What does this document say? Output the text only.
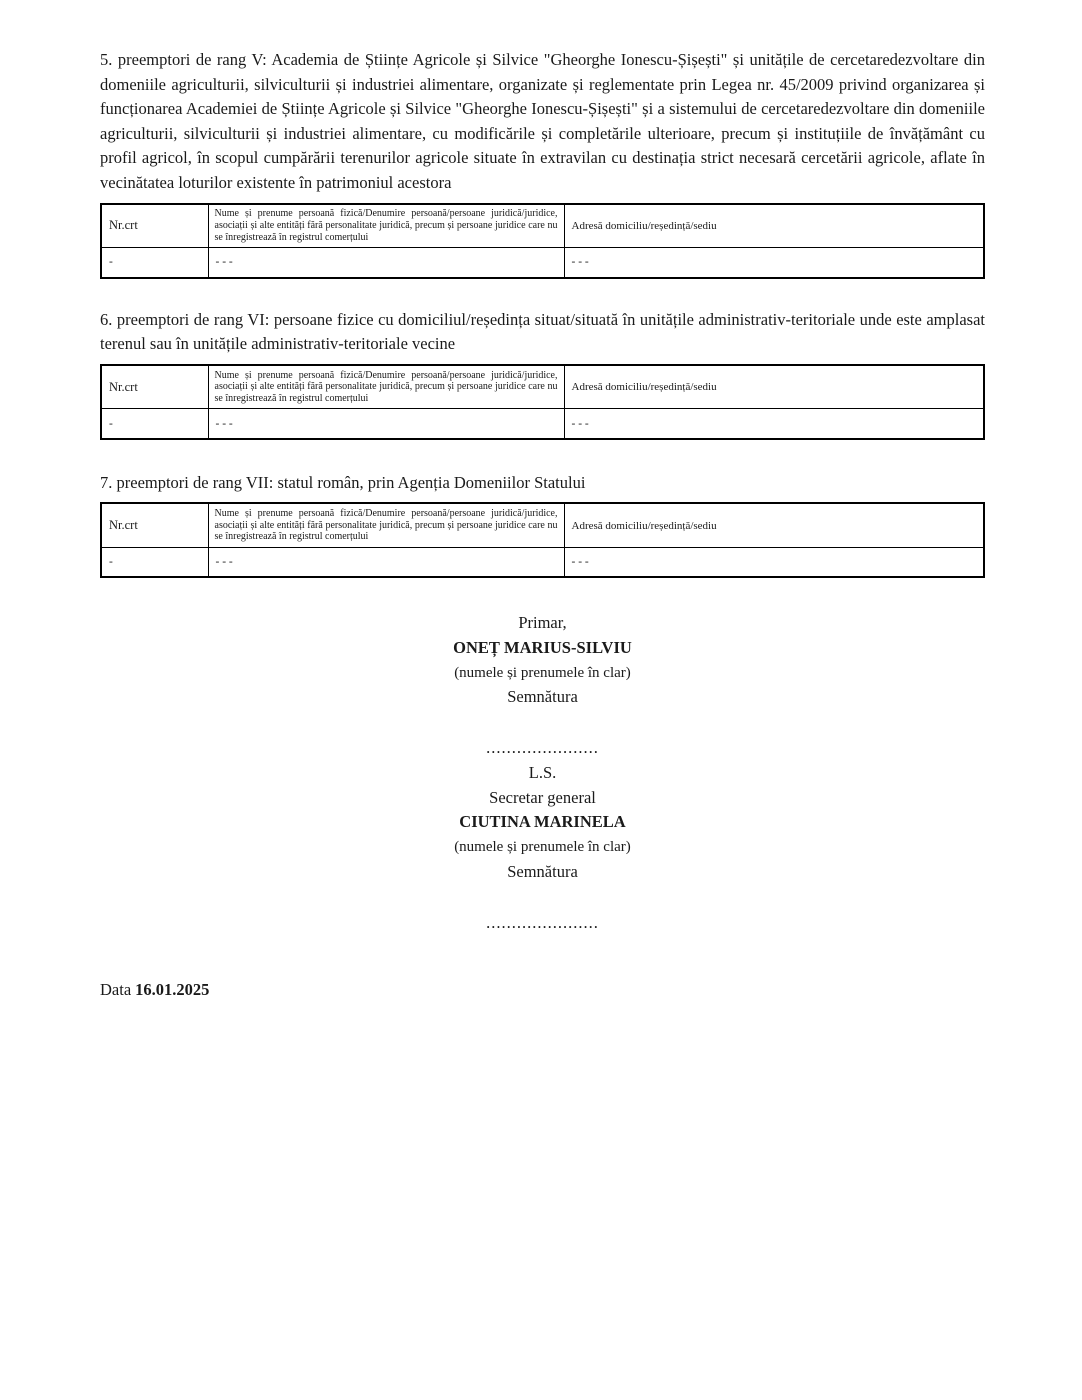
5. preemptori de rang V: Academia de Științe Agricole și Silvice "Gheorghe Ionescu-Șișești" și unitățile de cercetaredezvoltare din domeniile agriculturii, silviculturii și industriei alimentare, organizate și reglementate prin Legea nr. 45/2009 privind organizarea și funcționarea Academiei de Științe Agricole și Silvice "Gheorghe Ionescu-Șișești" și a sistemului de cercetaredezvoltare din domeniile agriculturii, silviculturii și industriei alimentare, cu modificările și completările ulterioare, precum și instituțiile de învățământ cu profil agricol, în scopul cumpărării terenurilor agricole situate în extravilan cu destinația strict necesară cercetării agricole, aflate în vecinătatea loturilor existente în patrimoniul acestora

Nr.crt	Nume și prenume persoană fizică/Denumire persoană/persoane juridică/juridice, asociații și alte entități fără personalitate juridică, precum și persoane juridice care nu se înregistrează în registrul comerțului	Adresă domiciliu/reședință/sediu
-	- - -	- - -

6. preemptori de rang VI: persoane fizice cu domiciliul/reședința situat/situată în unitățile administrativ-teritoriale unde este amplasat terenul sau în unitățile administrativ-teritoriale vecine

Nr.crt	Nume și prenume persoană fizică/Denumire persoană/persoane juridică/juridice, asociații și alte entități fără personalitate juridică, precum și persoane juridice care nu se înregistrează în registrul comerțului	Adresă domiciliu/reședință/sediu
-	- - -	- - -

7. preemptori de rang VII: statul român, prin Agenția Domeniilor Statului

Nr.crt	Nume și prenume persoană fizică/Denumire persoană/persoane juridică/juridice, asociații și alte entități fără personalitate juridică, precum și persoane juridice care nu se înregistrează în registrul comerțului	Adresă domiciliu/reședință/sediu
-	- - -	- - -

Primar,

ONEȚ MARIUS-SILVIU

(numele și prenumele în clar)

Semnătura

......................

L.S.

Secretar general

CIUTINA MARINELA

(numele și prenumele în clar)

Semnătura

......................

Data 16.01.2025
